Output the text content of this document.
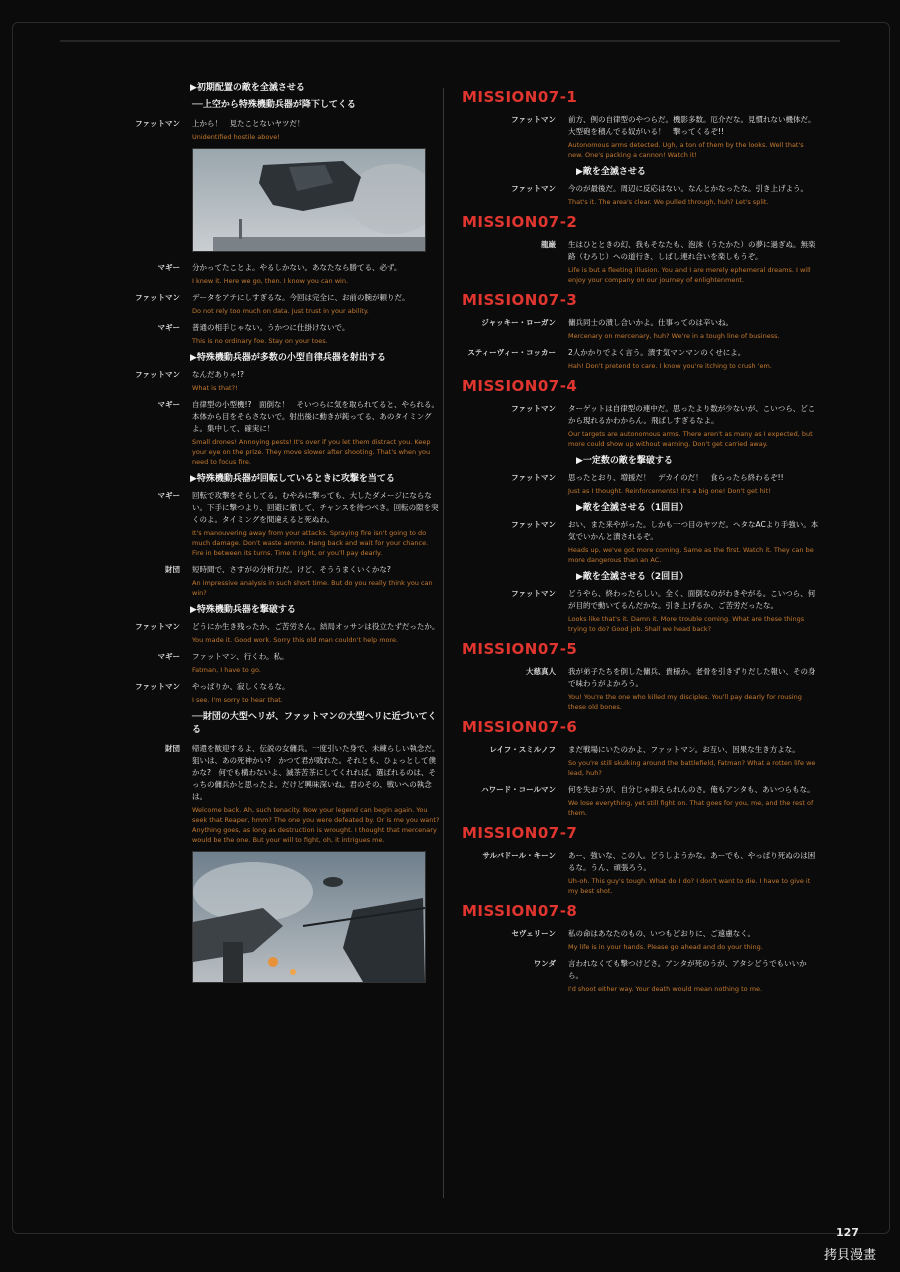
▶初期配置の敵を全滅させる
──上空から特殊機動兵器が降下してくる
ファットマン	上から！　見たことないヤツだ！
Unidentified hostile above!
マギー	分かってたことよ。やるしかない。あなたなら勝てる、必ず。
I knew it. Here we go, then. I know you can win.
ファットマン	データをアテにしすぎるな。今回は完全に、お前の腕が頼りだ。
Do not rely too much on data. Just trust in your ability.
マギー	普通の相手じゃない。うかつに仕掛けないで。
This is no ordinary foe. Stay on your toes.
▶特殊機動兵器が多数の小型自律兵器を射出する
ファットマン	なんだありゃ!?
What is that?!
マギー	自律型の小型機!?　面倒な！　そいつらに気を取られてると、やられる。本体から目をそらさないで。射出後に動きが鈍ってる、あのタイミングよ。集中して、確実に！
Small drones! Annoying pests! It's over if you let them distract you. Keep your eye on the prize. They move slower after shooting. That's when you need to focus fire.
▶特殊機動兵器が回転しているときに攻撃を当てる
マギー	回転で攻撃をそらしてる。むやみに撃っても、大したダメージにならない。下手に撃つより、回避に徹して、チャンスを待つべき。回転の隙を突くのよ。タイミングを間違えると死ぬわ。
It's manouvering away from your attacks. Spraying fire isn't going to do much damage. Don't waste ammo. Hang back and wait for your chance. Fire in between its turns. Time it right, or you'll pay dearly.
財団	短時間で、さすがの分析力だ。けど、そううまくいくかな?
An impressive analysis in such short time. But do you really think you can win?
▶特殊機動兵器を撃破する
ファットマン	どうにか生き残ったか、ご苦労さん。結局オッサンは役立たずだったか。
You made it. Good work. Sorry this old man couldn't help more.
マギー	ファットマン、行くわ。私。
Fatman, I have to go.
ファットマン	やっぱりか、寂しくなるな。
I see. I'm sorry to hear that.
──財団の大型ヘリが、ファットマンの大型ヘリに近づいてくる
財団	帰還を歓迎するよ、伝説の女傭兵。一度引いた身で、未練らしい執念だ。狙いは、あの死神かい?　かつて君が敗れた。それとも、ひょっとして僕かな?　何でも構わないよ、滅茶苦茶にしてくれれば。選ばれるのは、そっちの傭兵かと思ったよ。だけど興味深いね。君のその、戦いへの執念は。
Welcome back. Ah, such tenacity. Now your legend can begin again. You seek that Reaper, hmm? The one you were defeated by. Or is me you want? Anything goes, as long as destruction is wrought. I thought that mercenary would be the one. But your will to fight, oh, it intrigues me.
MISSION07-1
ファットマン	前方、例の自律型のやつらだ。機影多数。厄介だな。見慣れない機体だ。大型砲を積んでる奴がいる！　撃ってくるぞ!!
Autonomous arms detected. Ugh, a ton of them by the looks. Well that's new. One's packing a cannon! Watch it!
▶敵を全滅させる
ファットマン	今のが最後だ。周辺に反応はない。なんとかなったな。引き上げよう。
That's it. The area's clear. We pulled through, huh? Let's split.
MISSION07-2
龍巌	生はひとときの幻、我もそなたも、泡沫（うたかた）の夢に過ぎぬ。無楽路（むろじ）への道行き、しばし連れ合いを楽しもうぞ。
Life is but a fleeting illusion. You and I are merely ephemeral dreams. I will enjoy your company on our journey of enlightenment.
MISSION07-3
ジャッキー・ローガン	傭兵同士の潰し合いかよ。仕事ってのは辛いね。
Mercenary on mercenary, huh? We're in a tough line of business.
スティーヴィー・コッカー	2人かかりでよく言う。潰す気マンマンのくせによ。
Hah! Don't pretend to care. I know you're itching to crush 'em.
MISSION07-4
ファットマン	ターゲットは自律型の連中だ。思ったより数が少ないが、こいつら、どこから現れるかわからん。飛ばしすぎるなよ。
Our targets are autonomous arms. There aren't as many as I expected, but more could show up without warning. Don't get carried away.
▶一定数の敵を撃破する
ファットマン	思ったとおり、増援だ！　デカイのだ！　食らったら終わるぞ!!
Just as I thought. Reinforcements! It's a big one! Don't get hit!
▶敵を全滅させる（1回目）
ファットマン	おい、また来やがった。しかも一つ目のヤツだ。ヘタなACより手強い。本気でいかんと潰されるぞ。
Heads up, we've got more coming. Same as the first. Watch it. They can be more dangerous than an AC.
▶敵を全滅させる（2回目）
ファットマン	どうやら、終わったらしい。全く、面倒なのがわきやがる。こいつら、何が目的で動いてるんだかな。引き上げるか、ご苦労だったな。
Looks like that's it. Damn it. More trouble coming. What are these things trying to do? Good job. Shall we head back?
MISSION07-5
大慈真人	我が弟子たちを倒した傭兵、貴様か。老骨を引きずりだした報い、その身で味わうがよかろう。
You! You're the one who killed my disciples. You'll pay dearly for rousing these old bones.
MISSION07-6
レイフ・スミルノフ	まだ戦場にいたのかよ、ファットマン。お互い、因果な生き方よな。
So you're still skulking around the battlefield, Fatman? What a rotten life we lead, huh?
ハワード・コールマン	何を失おうが、自分じゃ抑えられんのさ。俺もアンタも、あいつらもな。
We lose everything, yet still fight on. That goes for you, me, and the rest of them.
MISSION07-7
サルバドール・キーン	あー、強いな、この人。どうしようかな。あーでも、やっぱり死ぬのは困るな。うん、頑張ろう。
Uh-oh. This guy's tough. What do I do? I don't want to die. I have to give it my best shot.
MISSION07-8
セヴェリーン	私の命はあなたのもの、いつもどおりに、ご遠慮なく。
My life is in your hands. Please go ahead and do your thing.
ワンダ	言われなくても撃つけどさ。アンタが死のうが、アタシどうでもいいから。
I'd shoot either way. Your death would mean nothing to me.
127
拷貝漫畫
